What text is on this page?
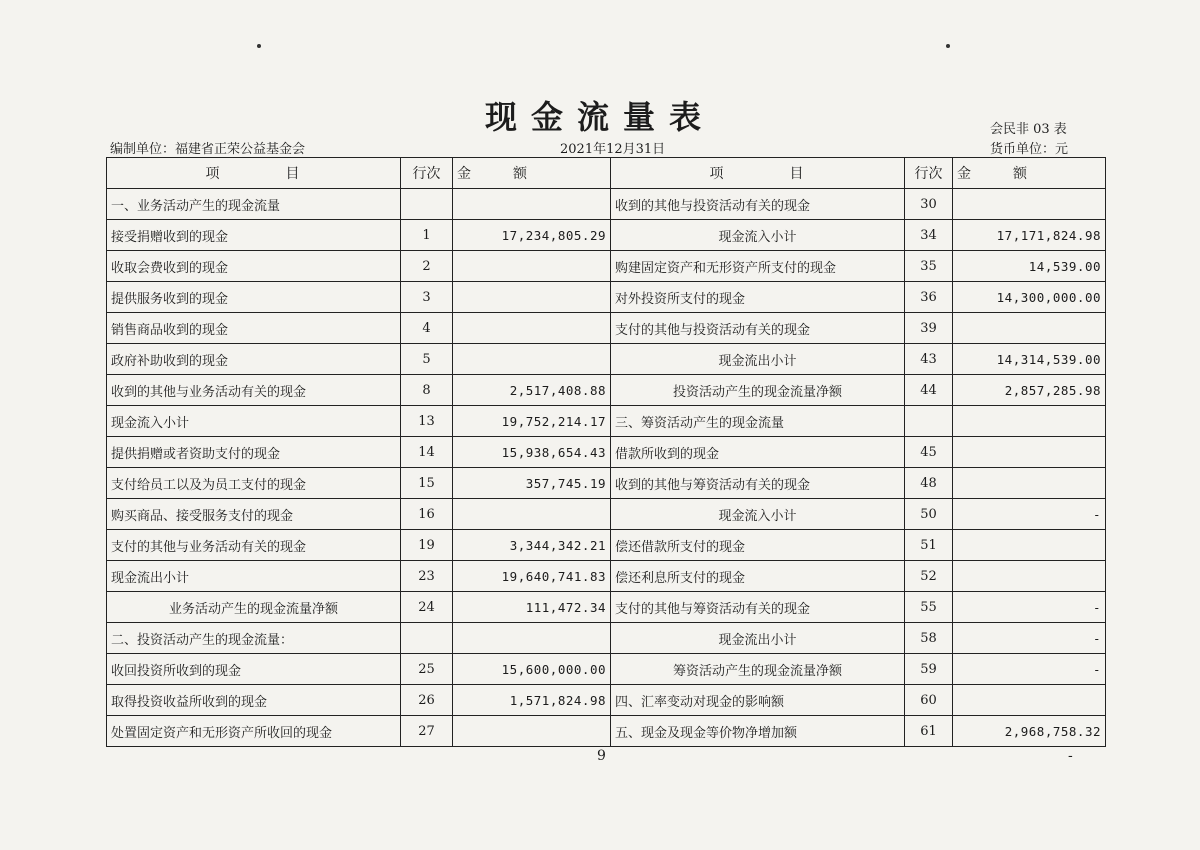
现金流量表	会民非 03 表
编制单位：福建省正荣公益基金会	2021年12月31日	货币单位：元
项　　　　目	行次	金　　　额	项　　　　目	行次	金　　　额
一、业务活动产生的现金流量			收到的其他与投资活动有关的现金	30	
接受捐赠收到的现金	1	17,234,805.29	现金流入小计	34	17,171,824.98
收取会费收到的现金	2		购建固定资产和无形资产所支付的现金	35	14,539.00
提供服务收到的现金	3		对外投资所支付的现金	36	14,300,000.00
销售商品收到的现金	4		支付的其他与投资活动有关的现金	39	
政府补助收到的现金	5		现金流出小计	43	14,314,539.00
收到的其他与业务活动有关的现金	8	2,517,408.88	投资活动产生的现金流量净额	44	2,857,285.98
现金流入小计	13	19,752,214.17	三、筹资活动产生的现金流量		
提供捐赠或者资助支付的现金	14	15,938,654.43	借款所收到的现金	45	
支付给员工以及为员工支付的现金	15	357,745.19	收到的其他与筹资活动有关的现金	48	
购买商品、接受服务支付的现金	16		现金流入小计	50	-
支付的其他与业务活动有关的现金	19	3,344,342.21	偿还借款所支付的现金	51	
现金流出小计	23	19,640,741.83	偿还利息所支付的现金	52	
业务活动产生的现金流量净额	24	111,472.34	支付的其他与筹资活动有关的现金	55	-
二、投资活动产生的现金流量：			现金流出小计	58	-
收回投资所收到的现金	25	15,600,000.00	筹资活动产生的现金流量净额	59	-
取得投资收益所收到的现金	26	1,571,824.98	四、汇率变动对现金的影响额	60	
处置固定资产和无形资产所收回的现金	27		五、现金及现金等价物净增加额	61	2,968,758.32
9	-
